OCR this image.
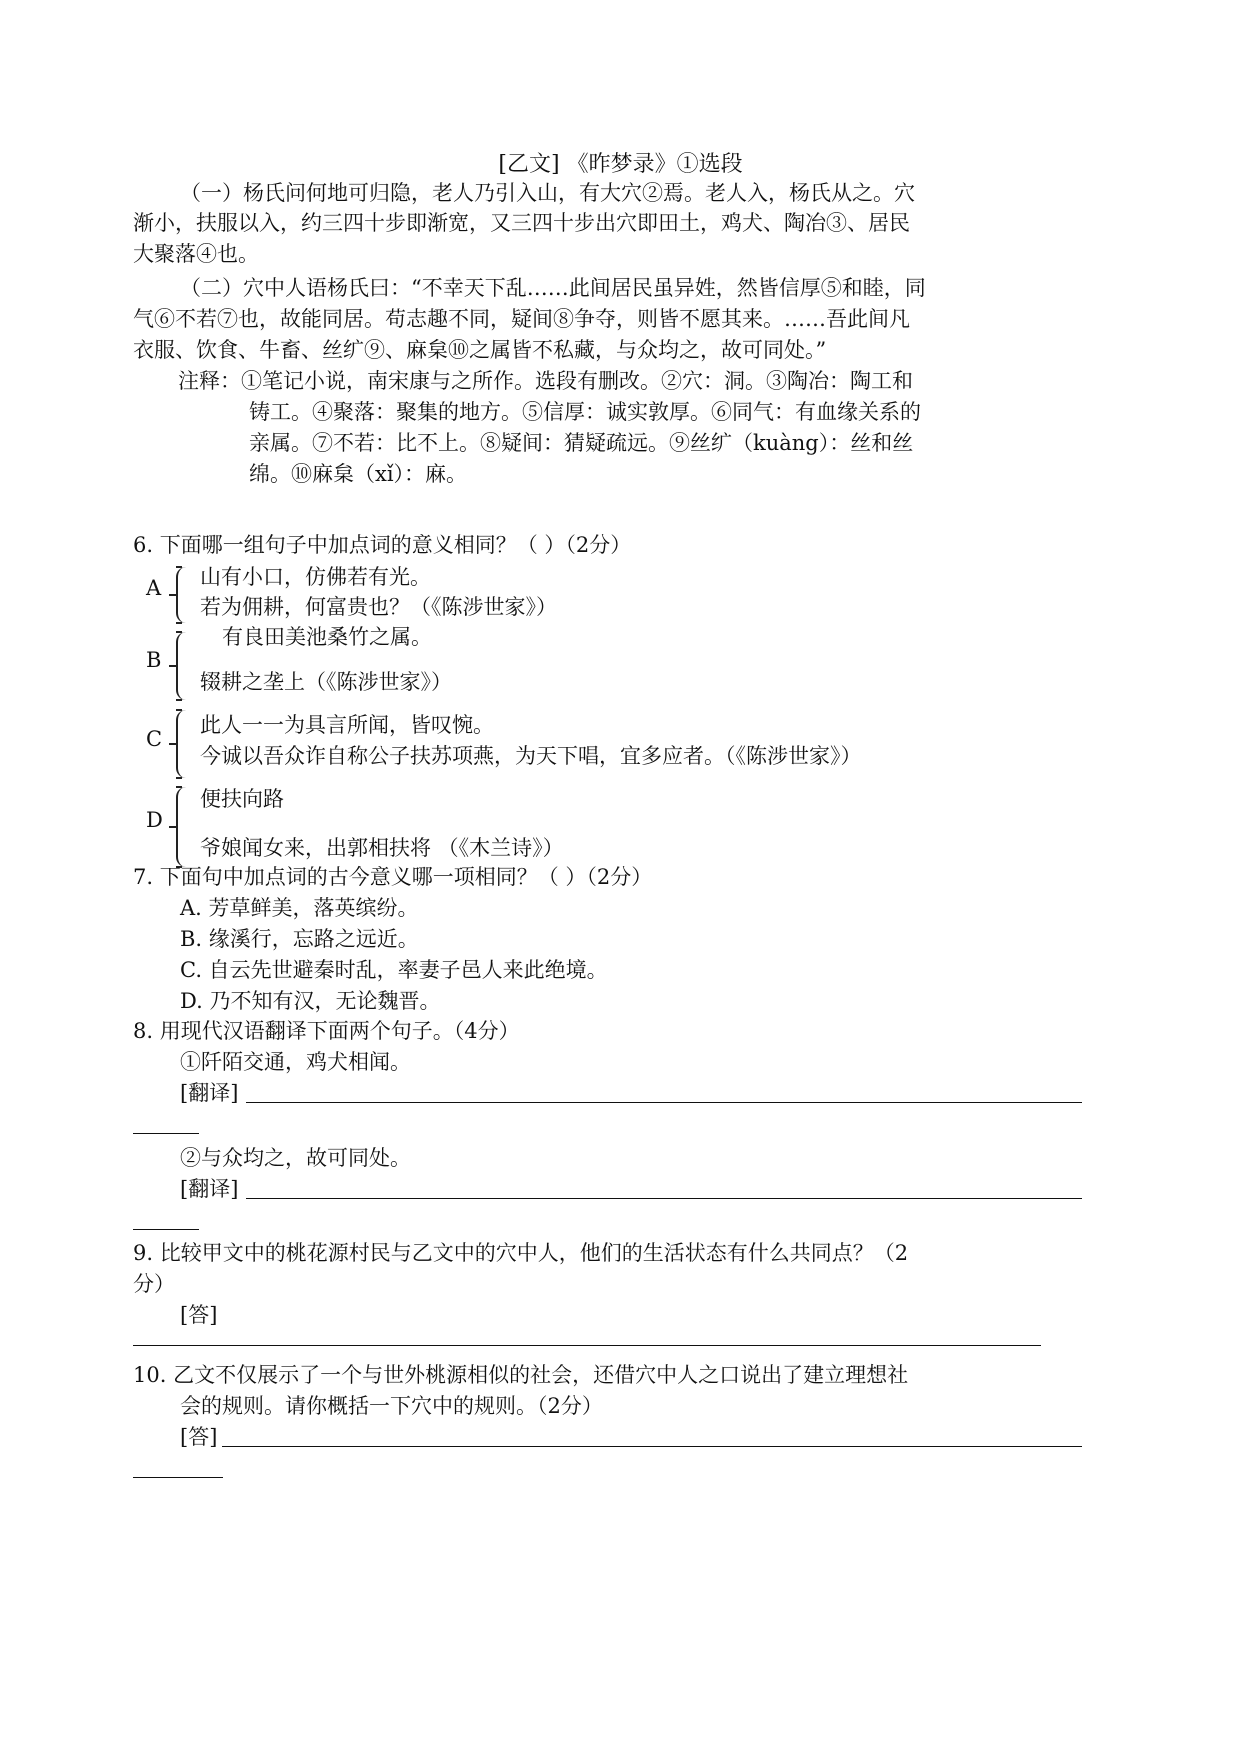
[乙文] 《昨梦录》①选段
（一）杨氏问何地可归隐，老人乃引入山，有大穴②焉。老人入，杨氏从之。穴
渐小，扶服以入，约三四十步即渐宽，又三四十步出穴即田土，鸡犬、陶冶③、居民
大聚落④也。
（二）穴中人语杨氏曰：“不幸天下乱……此间居民虽异姓，然皆信厚⑤和睦，同
气⑥不若⑦也，故能同居。苟志趣不同，疑间⑧争夺，则皆不愿其来。……吾此间凡
衣服、饮食、牛畜、丝纩⑨、麻枲⑩之属皆不私藏，与众均之，故可同处。”
注释：①笔记小说，南宋康与之所作。选段有删改。②穴：洞。③陶冶：陶工和
铸工。④聚落：聚集的地方。⑤信厚：诚实敦厚。⑥同气：有血缘关系的
亲属。⑦不若：比不上。⑧疑间：猜疑疏远。⑨丝纩（kuàng）：丝和丝
绵。⑩麻枲（xǐ）：麻。
6. 下面哪一组句子中加点词的意义相同？（ ）（2分）
A 山有小口，仿佛若有光。
若为佣耕，何富贵也？（《陈涉世家》）
B
有良田美池桑竹之属。
辍耕之垄上（《陈涉世家》）
C
此人一一为具言所闻，皆叹惋。
今诚以吾众诈自称公子扶苏项燕，为天下唱，宜多应者。（《陈涉世家》）
D
便扶向路
爷娘闻女来，出郭相扶将 （《木兰诗》）
7. 下面句中加点词的古今意义哪一项相同？（ ）（2分）
A. 芳草鲜美，落英缤纷。
B. 缘溪行，忘路之远近。
C. 自云先世避秦时乱，率妻子邑人来此绝境。
D. 乃不知有汉，无论魏晋。
8. 用现代汉语翻译下面两个句子。（4分）
①阡陌交通，鸡犬相闻。
[翻译]
②与众均之，故可同处。
[翻译]
9. 比较甲文中的桃花源村民与乙文中的穴中人，他们的生活状态有什么共同点？（2
分）
[答]
10. 乙文不仅展示了一个与世外桃源相似的社会，还借穴中人之口说出了建立理想社
会的规则。请你概括一下穴中的规则。（2分）
[答]
